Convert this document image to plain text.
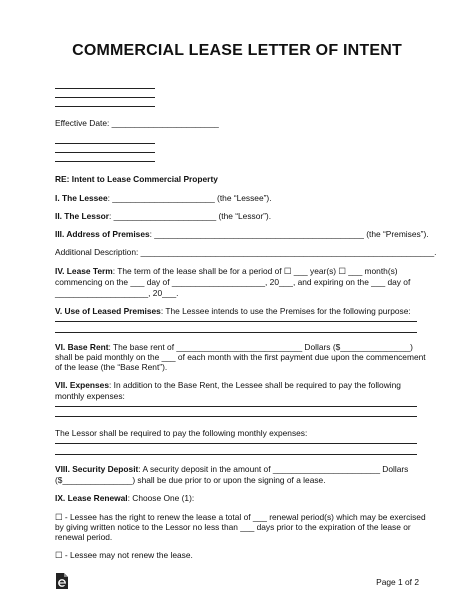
COMMERCIAL LEASE LETTER OF INTENT
Effective Date: _______________________
RE: Intent to Lease Commercial Property
I. The Lessee: ______________________ (the “Lessee”).
II. The Lessor: ______________________ (the “Lessor”).
III. Address of Premises: _____________________________________________ (the “Premises”).
Additional Description: _______________________________________________________________.
IV. Lease Term: The term of the lease shall be for a period of ☐ ___ year(s) ☐ ___ month(s)
commencing on the ___ day of ____________________, 20___, and expiring on the ___ day of
____________________, 20___.
V. Use of Leased Premises: The Lessee intends to use the Premises for the following purpose:
VI. Base Rent: The base rent of ___________________________ Dollars ($_______________)
shall be paid monthly on the ___ of each month with the first payment due upon the commencement
of the lease (the “Base Rent”).
VII. Expenses: In addition to the Base Rent, the Lessee shall be required to pay the following
monthly expenses:
The Lessor shall be required to pay the following monthly expenses:
VIII. Security Deposit: A security deposit in the amount of _______________________ Dollars
($_______________) shall be due prior to or upon the signing of a lease.
IX. Lease Renewal: Choose One (1):
☐ - Lessee has the right to renew the lease a total of ___ renewal period(s) which may be exercised
by giving written notice to the Lessor no less than ___ days prior to the expiration of the lease or
renewal period.
☐ - Lessee may not renew the lease.
Page 1 of 2
